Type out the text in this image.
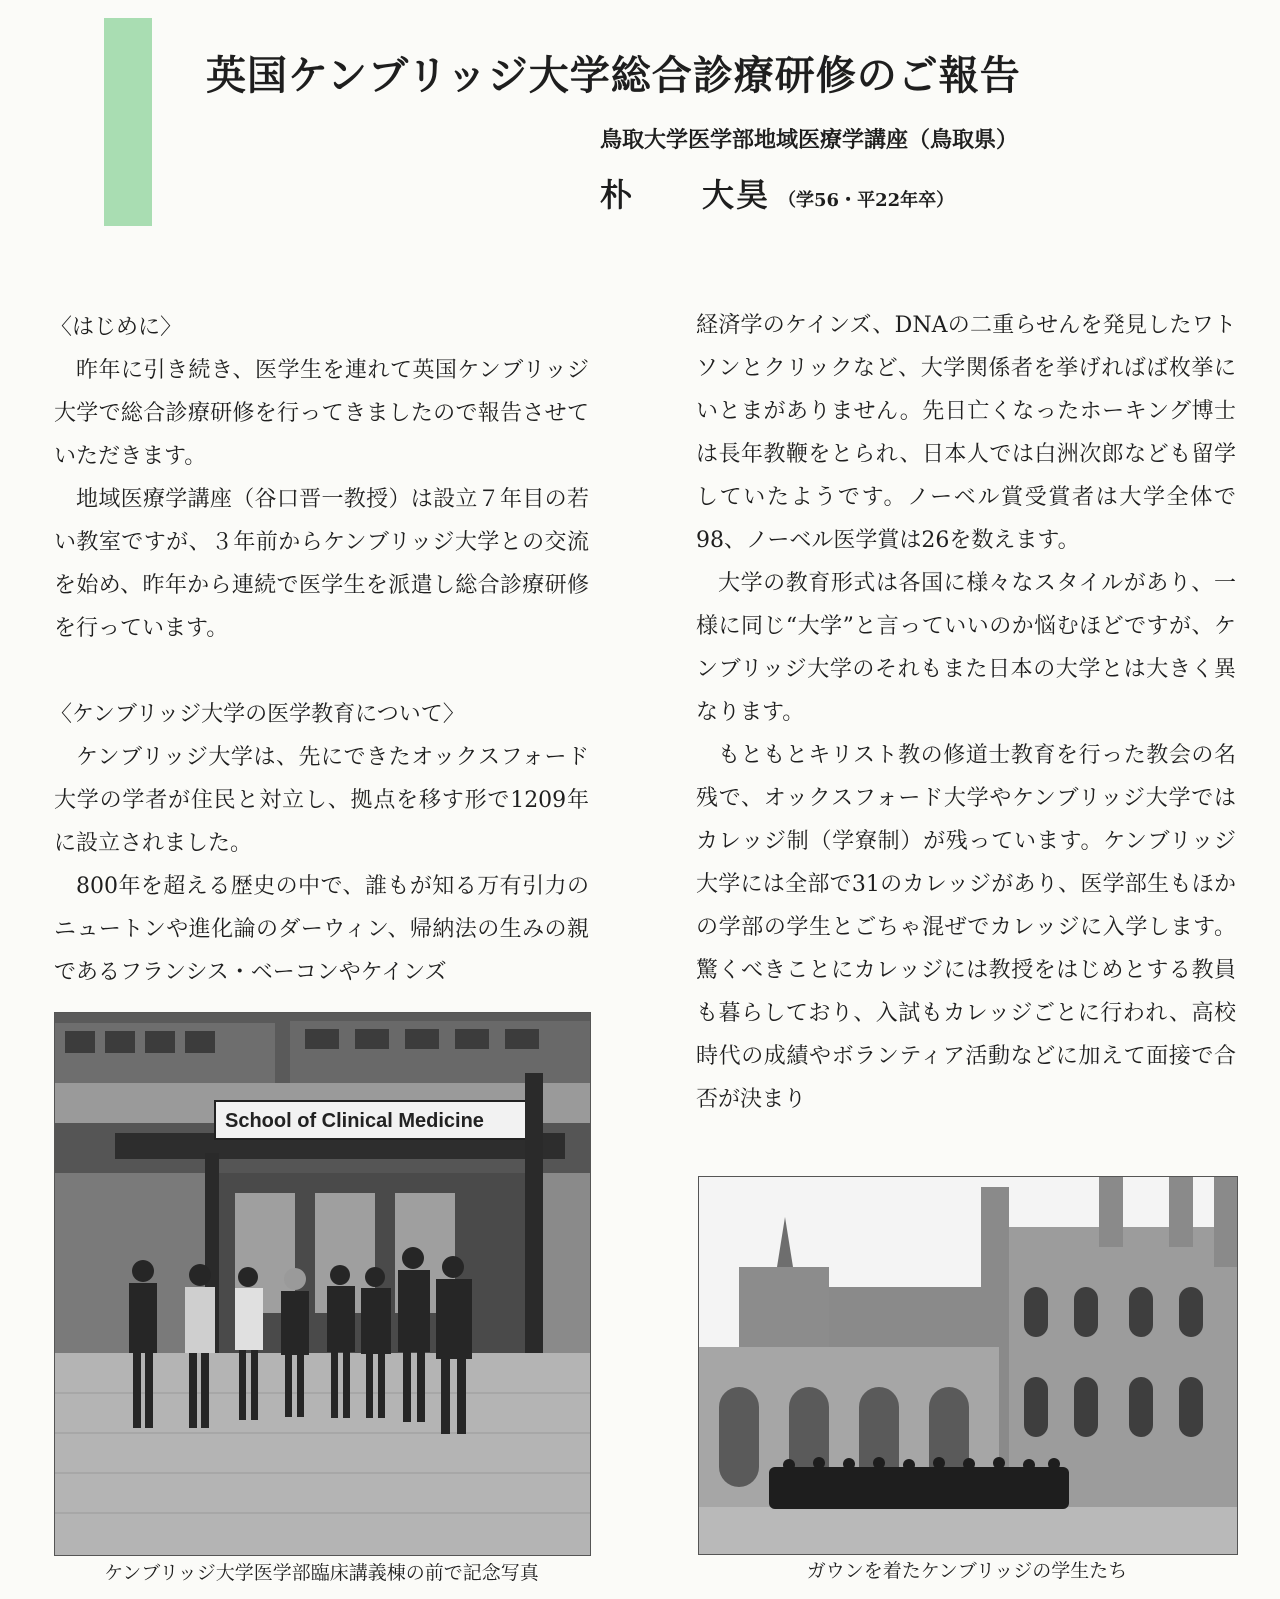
英国ケンブリッジ大学総合診療研修のご報告
鳥取大学医学部地域医療学講座（鳥取県）
朴　　大昊 （学56・平22年卒）

〈はじめに〉

昨年に引き続き、医学生を連れて英国ケンブリッジ大学で総合診療研修を行ってきましたので報告させていただきます。

地域医療学講座（谷口晋一教授）は設立７年目の若い教室ですが、３年前からケンブリッジ大学との交流を始め、昨年から連続で医学生を派遣し総合診療研修を行っています。

〈ケンブリッジ大学の医学教育について〉

ケンブリッジ大学は、先にできたオックスフォード大学の学者が住民と対立し、拠点を移す形で1209年に設立されました。

800年を超える歴史の中で、誰もが知る万有引力のニュートンや進化論のダーウィン、帰納法の生みの親であるフランシス・ベーコンやケインズ

経済学のケインズ、DNAの二重らせんを発見したワトソンとクリックなど、大学関係者を挙げればば枚挙にいとまがありません。先日亡くなったホーキング博士は長年教鞭をとられ、日本人では白洲次郎なども留学していたようです。ノーベル賞受賞者は大学全体で98、ノーベル医学賞は26を数えます。

大学の教育形式は各国に様々なスタイルがあり、一様に同じ“大学”と言っていいのか悩むほどですが、ケンブリッジ大学のそれもまた日本の大学とは大きく異なります。

もともとキリスト教の修道士教育を行った教会の名残で、オックスフォード大学やケンブリッジ大学ではカレッジ制（学寮制）が残っています。ケンブリッジ大学には全部で31のカレッジがあり、医学部生もほかの学部の学生とごちゃ混ぜでカレッジに入学します。驚くべきことにカレッジには教授をはじめとする教員も暮らしており、入試もカレッジごとに行われ、高校時代の成績やボランティア活動などに加えて面接で合否が決まり

School of Clinical Medicine
ケンブリッジ大学医学部臨床講義棟の前で記念写真	ガウンを着たケンブリッジの学生たち
